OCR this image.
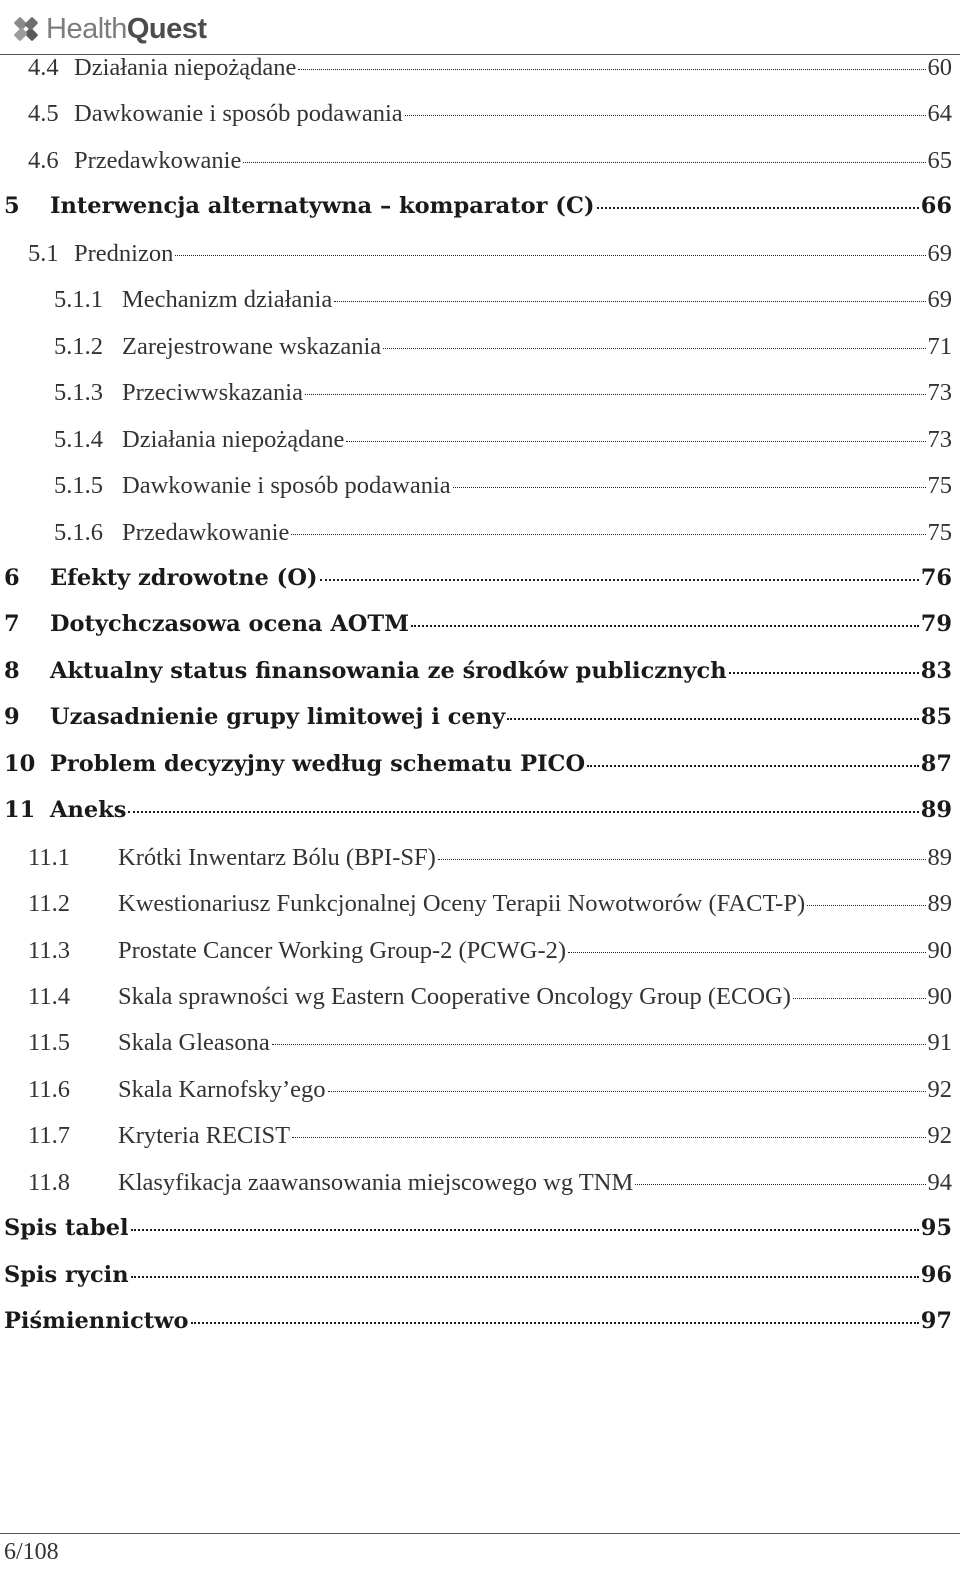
HealthQuest
4.4 Działania niepożądane	60
4.5 Dawkowanie i sposób podawania	64
4.6 Przedawkowanie	65
5	Interwencja alternatywna – komparator (C)	66
5.1 Prednizon	69
5.1.1 Mechanizm działania	69
5.1.2 Zarejestrowane wskazania	71
5.1.3 Przeciwwskazania	73
5.1.4 Działania niepożądane	73
5.1.5 Dawkowanie i sposób podawania	75
5.1.6 Przedawkowanie	75
6	Efekty zdrowotne (O)	76
7	Dotychczasowa ocena AOTM	79
8	Aktualny status finansowania ze środków publicznych	83
9	Uzasadnienie grupy limitowej i ceny	85
10 Problem decyzyjny według schematu PICO	87
11 Aneks	89
11.1	Krótki Inwentarz Bólu (BPI-SF)	89
11.2	Kwestionariusz Funkcjonalnej Oceny Terapii Nowotworów (FACT-P)	89
11.3	Prostate Cancer Working Group-2 (PCWG-2)	90
11.4	Skala sprawności wg Eastern Cooperative Oncology Group (ECOG)	90
11.5	Skala Gleasona	91
11.6	Skala Karnofsky’ego	92
11.7	Kryteria RECIST	92
11.8	Klasyfikacja zaawansowania miejscowego wg TNM	94
Spis tabel	95
Spis rycin	96
Piśmiennictwo	97
6/108
